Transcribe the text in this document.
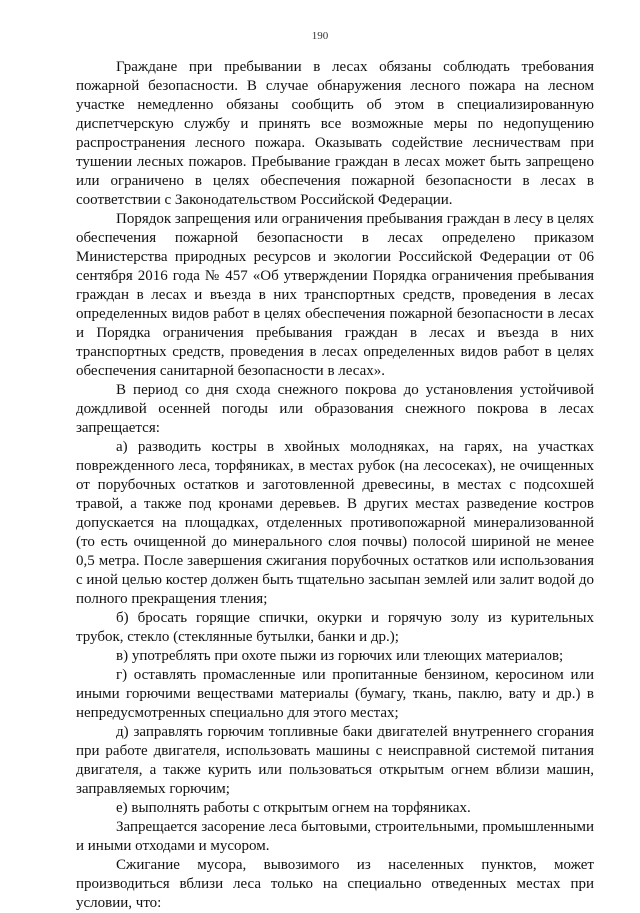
190

Граждане при пребывании в лесах обязаны соблюдать требования пожарной безопасности. В случае обнаружения лесного пожара на лесном участке немедленно обязаны сообщить об этом в специализированную диспетчерскую службу и принять все возможные меры по недопущению распространения лесного пожара. Оказывать содействие лесничествам при тушении лесных пожаров. Пребывание граждан в лесах может быть запрещено или ограничено в целях обеспечения пожарной безопасности в лесах в соответствии с Законодательством Российской Федерации.

Порядок запрещения или ограничения пребывания граждан в лесу в целях обеспечения пожарной безопасности в лесах определено приказом Министерства природных ресурсов и экологии Российской Федерации от 06 сентября 2016 года № 457 «Об утверждении Порядка ограничения пребывания граждан в лесах и въезда в них транспортных средств, проведения в лесах определенных видов работ в целях обеспечения пожарной безопасности в лесах и Порядка ограничения пребывания граждан в лесах и въезда в них транспортных средств, проведения в лесах определенных видов работ в целях обеспечения санитарной безопасности в лесах».

В период со дня схода снежного покрова до установления устойчивой дождливой осенней погоды или образования снежного покрова в лесах запрещается:

а) разводить костры в хвойных молодняках, на гарях, на участках поврежденного леса, торфяниках, в местах рубок (на лесосеках), не очищенных от порубочных остатков и заготовленной древесины, в местах с подсохшей травой, а также под кронами деревьев. В других местах разведение костров допускается на площадках, отделенных противопожарной минерализованной (то есть очищенной до минерального слоя почвы) полосой шириной не менее 0,5 метра. После завершения сжигания порубочных остатков или использования с иной целью костер должен быть тщательно засыпан землей или залит водой до полного прекращения тления;

б) бросать горящие спички, окурки и горячую золу из курительных трубок, стекло (стеклянные бутылки, банки и др.);

в) употреблять при охоте пыжи из горючих или тлеющих материалов;

г) оставлять промасленные или пропитанные бензином, керосином или иными горючими веществами материалы (бумагу, ткань, паклю, вату и др.) в непредусмотренных специально для этого местах;

д) заправлять горючим топливные баки двигателей внутреннего сгорания при работе двигателя, использовать машины с неисправной системой питания двигателя, а также курить или пользоваться открытым огнем вблизи машин, заправляемых горючим;

е) выполнять работы с открытым огнем на торфяниках.

Запрещается засорение леса бытовыми, строительными, промышленными и иными отходами и мусором.

Сжигание мусора, вывозимого из населенных пунктов, может производиться вблизи леса только на специально отведенных местах при условии, что:
